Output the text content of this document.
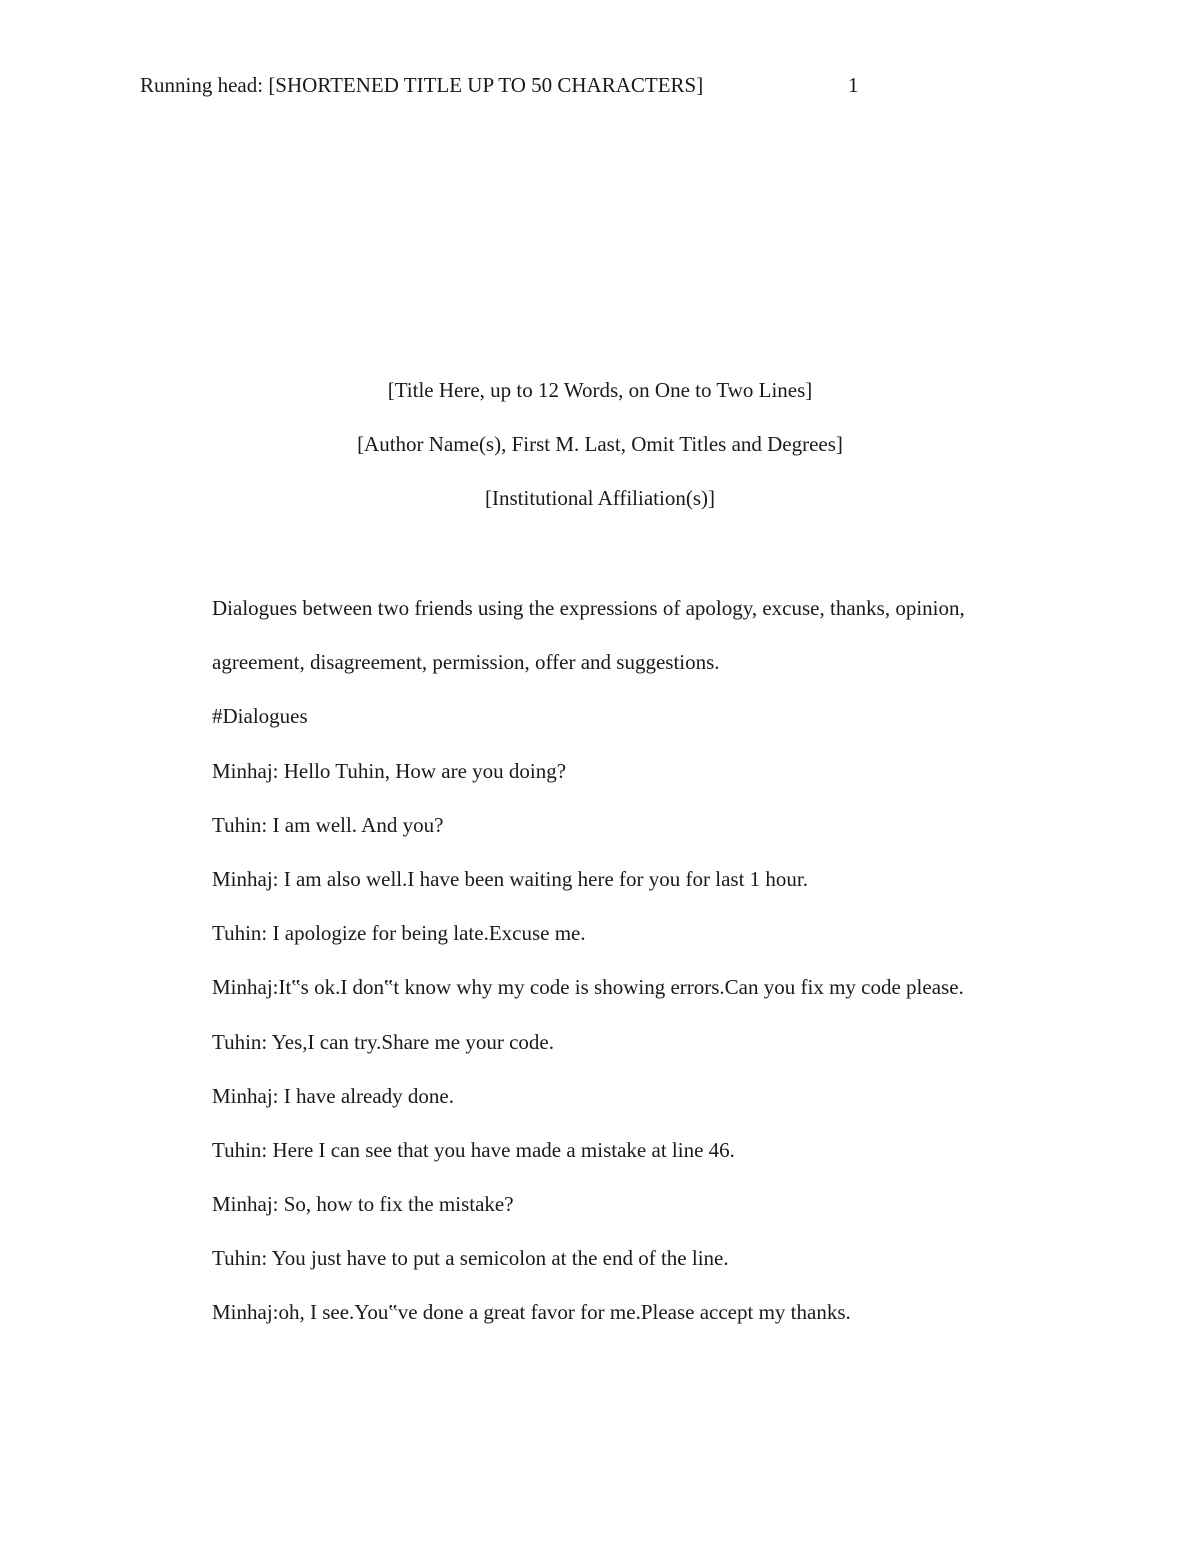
Running head: [SHORTENED TITLE UP TO 50 CHARACTERS]	1
[Title Here, up to 12 Words, on One to Two Lines]
[Author Name(s), First M. Last, Omit Titles and Degrees]
[Institutional Affiliation(s)]
Dialogues between two friends using the expressions of apology, excuse, thanks, opinion,
agreement, disagreement, permission, offer and suggestions.
#Dialogues
Minhaj: Hello Tuhin, How are you doing?
Tuhin: I am well. And you?
Minhaj: I am also well.I have been waiting here for you for last 1 hour.
Tuhin: I apologize for being late.Excuse me.
Minhaj:It‟s ok.I don‟t know why my code is showing errors.Can you fix my code please.
Tuhin: Yes,I can try.Share me your code.
Minhaj: I have already done.
Tuhin: Here I can see that you have made a mistake at line 46.
Minhaj: So, how to fix the mistake?
Tuhin: You just have to put a semicolon at the end of the line.
Minhaj:oh, I see.You‟ve done a great favor for me.Please accept my thanks.
